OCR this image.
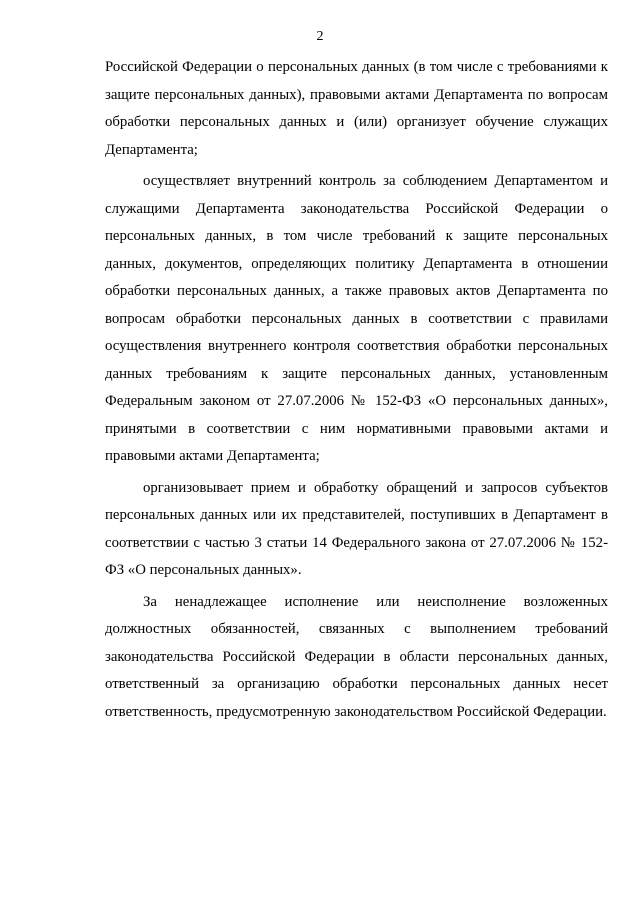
2

Российской Федерации о персональных данных (в том числе с требованиями к защите персональных данных), правовыми актами Департамента по вопросам обработки персональных данных и (или) организует обучение служащих Департамента;

осуществляет внутренний контроль за соблюдением Департаментом и служащими Департамента законодательства Российской Федерации о персональных данных, в том числе требований к защите персональных данных, документов, определяющих политику Департамента в отношении обработки персональных данных, а также правовых актов Департамента по вопросам обработки персональных данных в соответствии с правилами осуществления внутреннего контроля соответствия обработки персональных данных требованиям к защите персональных данных, установленным Федеральным законом от 27.07.2006 № 152-ФЗ «О персональных данных», принятыми в соответствии с ним нормативными правовыми актами и правовыми актами Департамента;

организовывает прием и обработку обращений и запросов субъектов персональных данных или их представителей, поступивших в Департамент в соответствии с частью 3 статьи 14 Федерального закона от 27.07.2006 № 152-ФЗ «О персональных данных».

За ненадлежащее исполнение или неисполнение возложенных должностных обязанностей, связанных с выполнением требований законодательства Российской Федерации в области персональных данных, ответственный за организацию обработки персональных данных несет ответственность, предусмотренную законодательством Российской Федерации.
